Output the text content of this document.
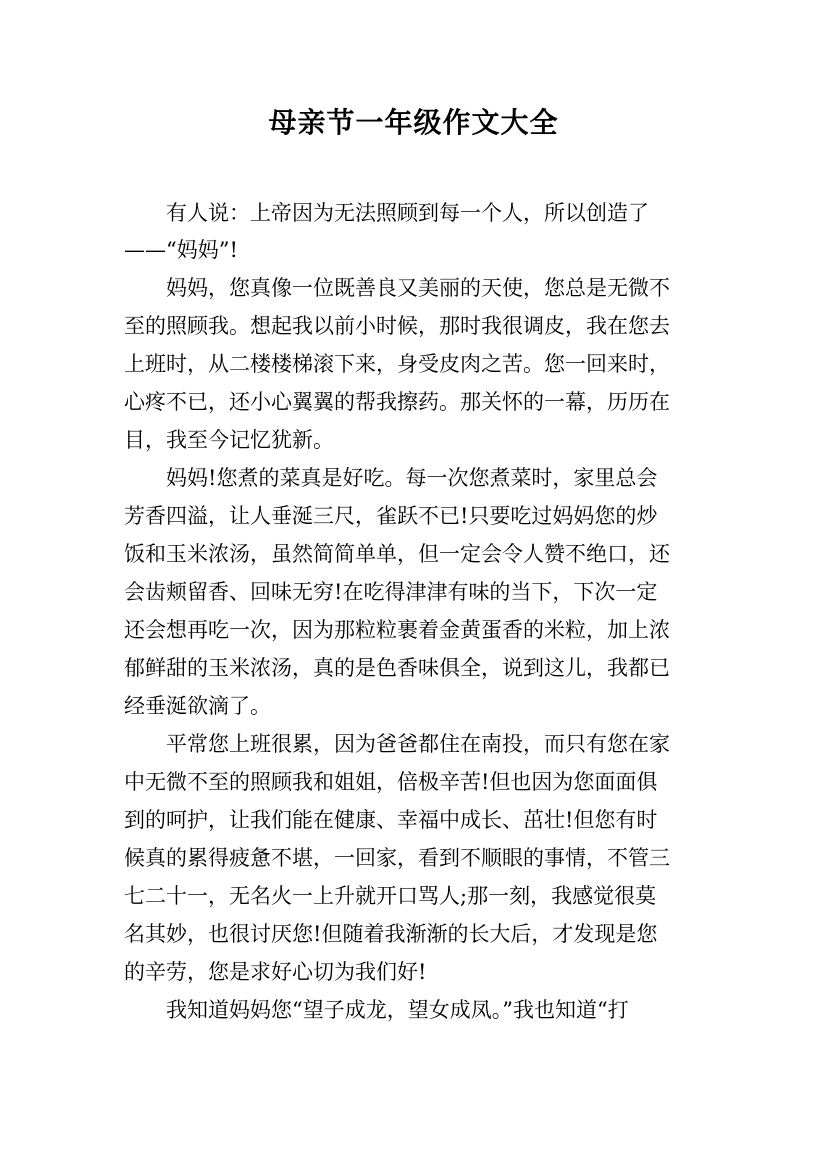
母亲节一年级作文大全
有人说：上帝因为无法照顾到每一个人，所以创造了
——“妈妈”!
妈妈，您真像一位既善良又美丽的天使，您总是无微不
至的照顾我。想起我以前小时候，那时我很调皮，我在您去
上班时，从二楼楼梯滚下来，身受皮肉之苦。您一回来时，
心疼不已，还小心翼翼的帮我擦药。那关怀的一幕，历历在
目，我至今记忆犹新。
妈妈!您煮的菜真是好吃。每一次您煮菜时，家里总会
芳香四溢，让人垂涎三尺，雀跃不已!只要吃过妈妈您的炒
饭和玉米浓汤，虽然简简单单，但一定会令人赞不绝口，还
会齿颊留香、回味无穷!在吃得津津有味的当下，下次一定
还会想再吃一次，因为那粒粒裹着金黄蛋香的米粒，加上浓
郁鲜甜的玉米浓汤，真的是色香味俱全，说到这儿，我都已
经垂涎欲滴了。
平常您上班很累，因为爸爸都住在南投，而只有您在家
中无微不至的照顾我和姐姐，倍极辛苦!但也因为您面面俱
到的呵护，让我们能在健康、幸福中成长、茁壮!但您有时
候真的累得疲惫不堪，一回家，看到不顺眼的事情，不管三
七二十一，无名火一上升就开口骂人;那一刻，我感觉很莫
名其妙，也很讨厌您!但随着我渐渐的长大后，才发现是您
的辛劳，您是求好心切为我们好!
我知道妈妈您“望子成龙，望女成凤。”我也知道“打
